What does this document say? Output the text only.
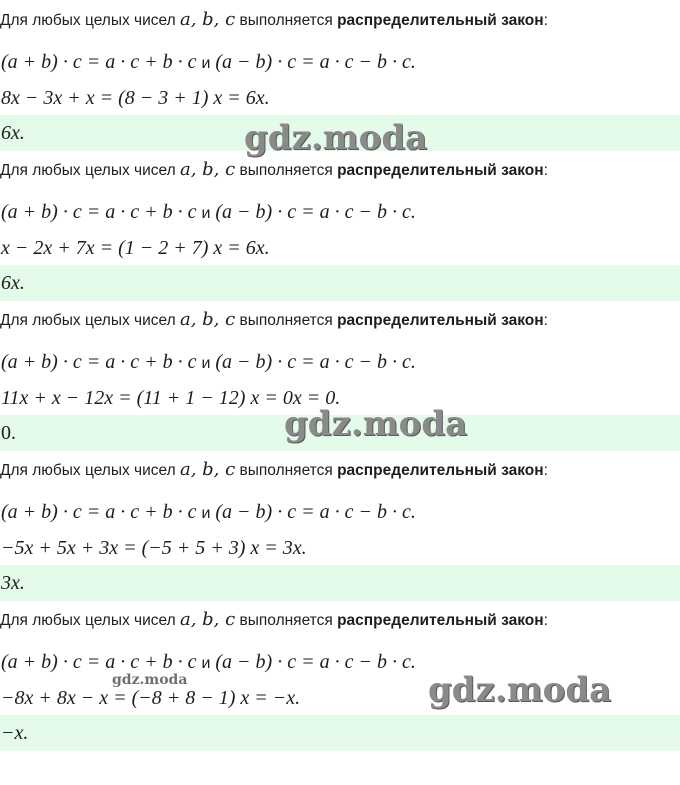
Для любых целых чисел a, b, c выполняется распределительный закон:
(a + b) · c = a · c + b · c и (a − b) · c = a · c − b · c.
8x − 3x + x = (8 − 3 + 1) x = 6x.
6x.
Для любых целых чисел a, b, c выполняется распределительный закон:
(a + b) · c = a · c + b · c и (a − b) · c = a · c − b · c.
x − 2x + 7x = (1 − 2 + 7) x = 6x.
6x.
Для любых целых чисел a, b, c выполняется распределительный закон:
(a + b) · c = a · c + b · c и (a − b) · c = a · c − b · c.
11x + x − 12x = (11 + 1 − 12) x = 0x = 0.
0.
Для любых целых чисел a, b, c выполняется распределительный закон:
(a + b) · c = a · c + b · c и (a − b) · c = a · c − b · c.
−5x + 5x + 3x = (−5 + 5 + 3) x = 3x.
3x.
Для любых целых чисел a, b, c выполняется распределительный закон:
(a + b) · c = a · c + b · c и (a − b) · c = a · c − b · c.
−8x + 8x − x = (−8 + 8 − 1) x = −x.
−x.
gdz.moda
gdz.moda
gdz.moda
gdz.moda
